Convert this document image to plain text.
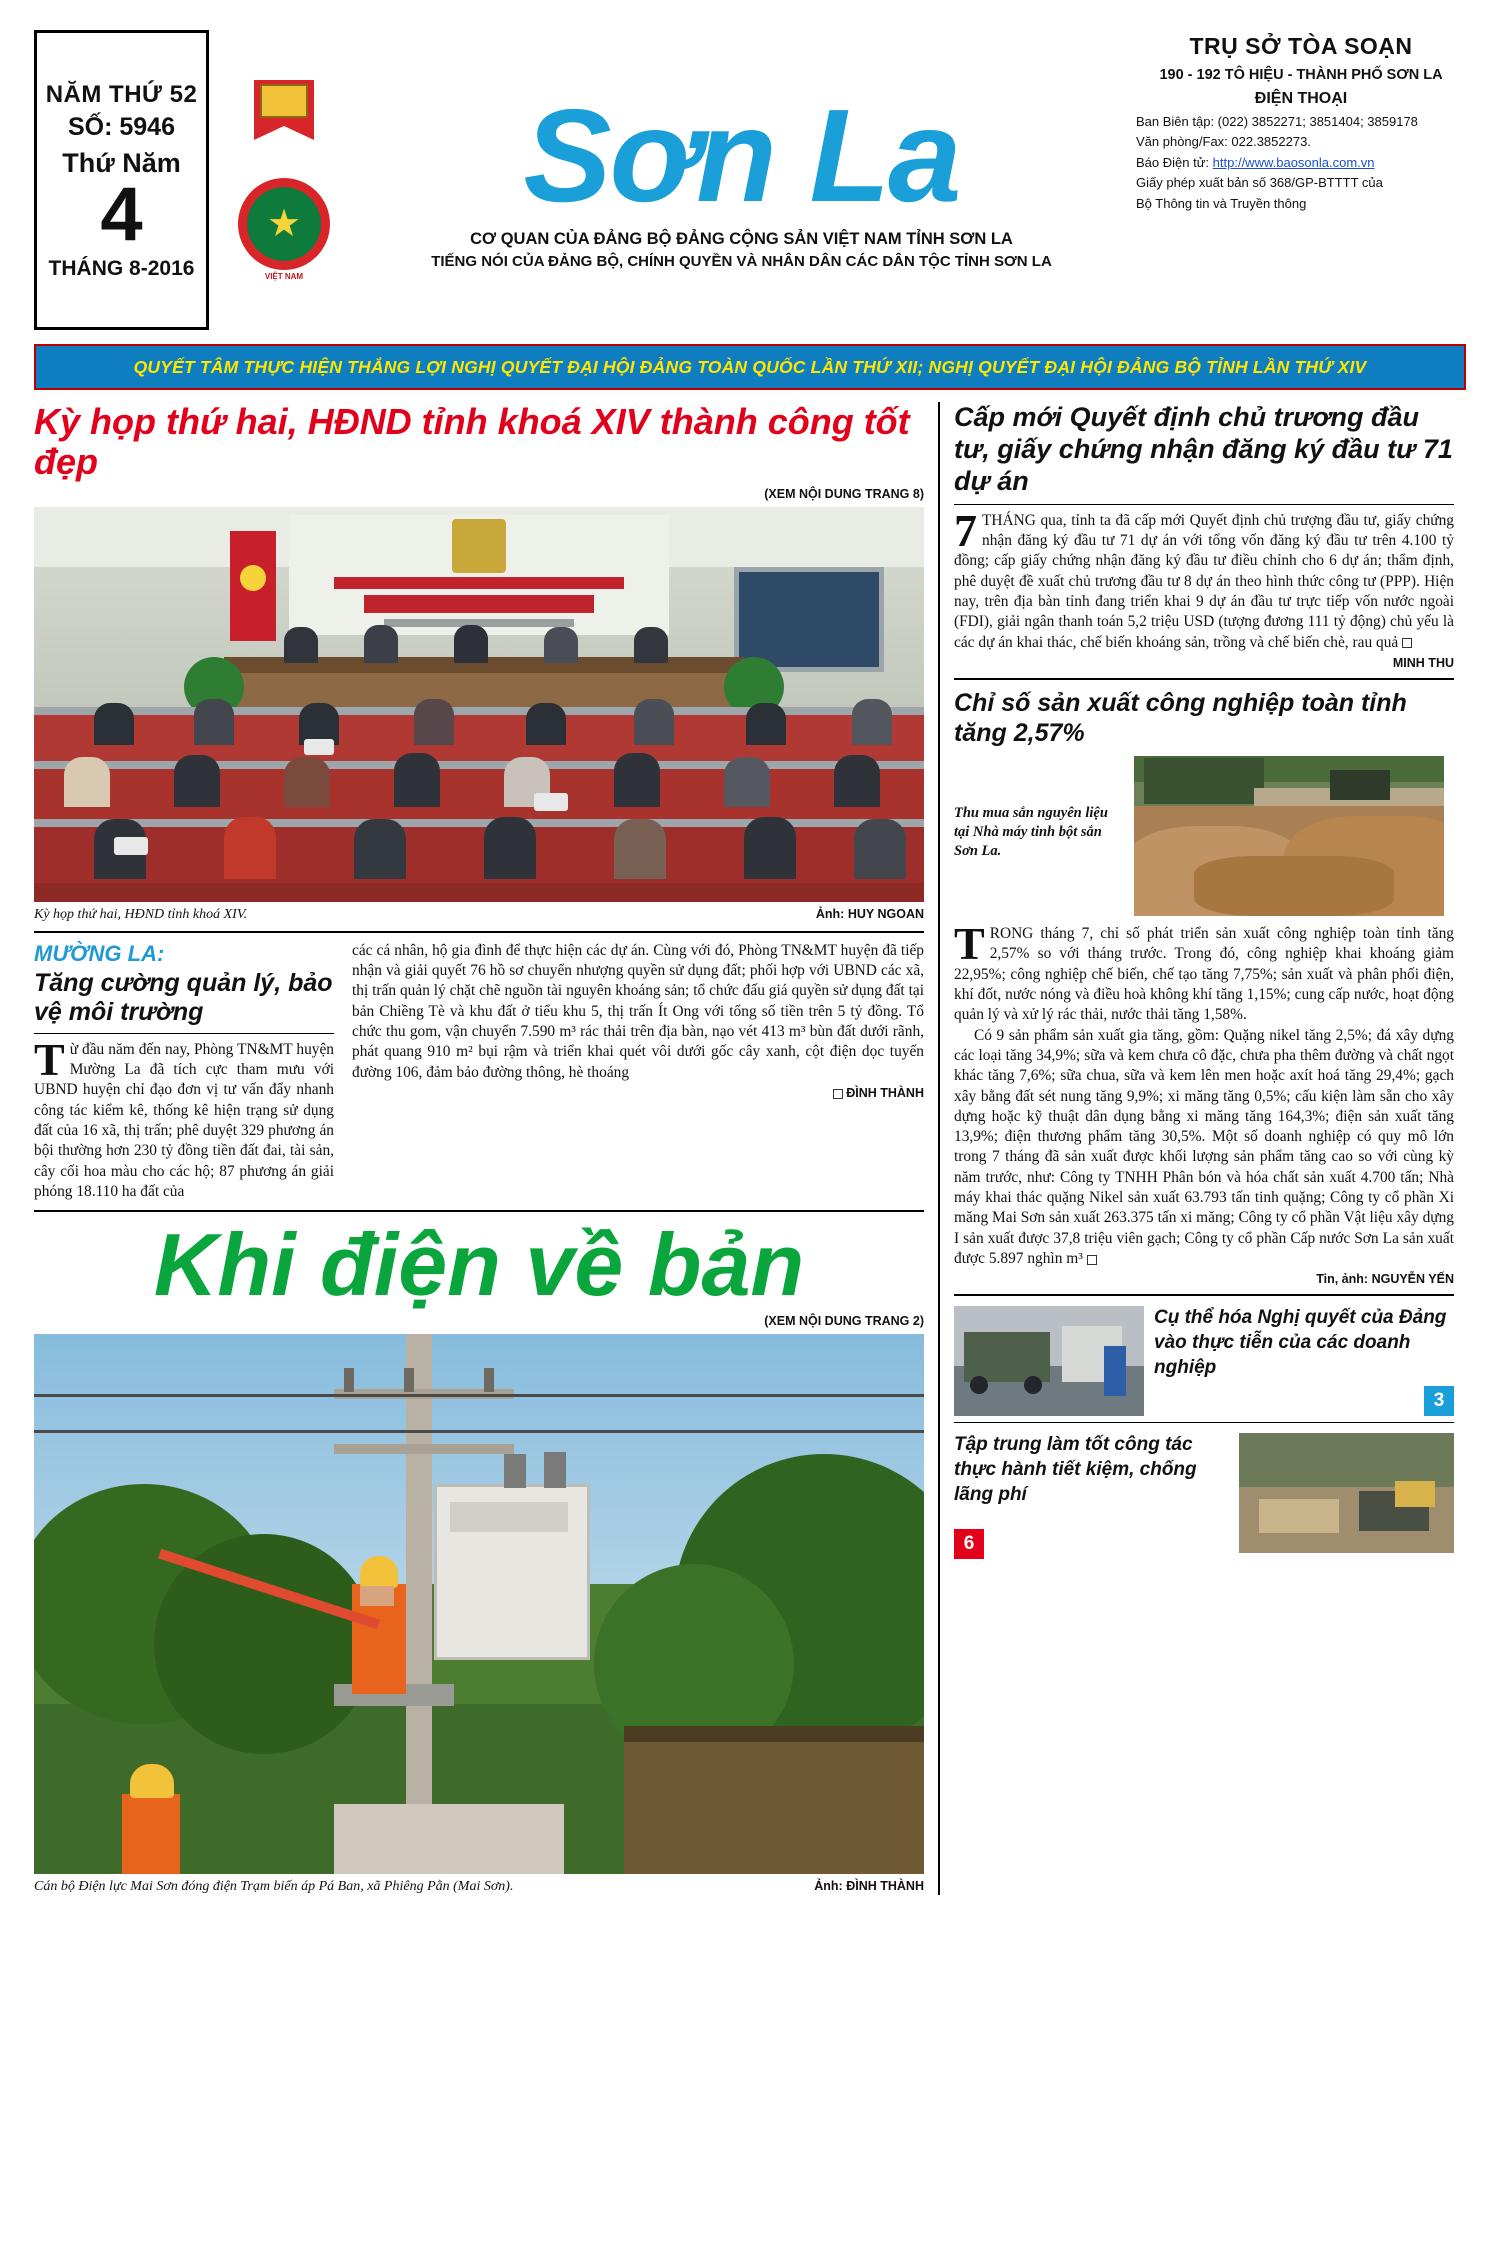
NĂM THỨ 52
SỐ: 5946
Thứ Năm
4
THÁNG 8-2016
★
VIỆT NAM
Sơn La
CƠ QUAN CỦA ĐẢNG BỘ ĐẢNG CỘNG SẢN VIỆT NAM TỈNH SƠN LA
TIẾNG NÓI CỦA ĐẢNG BỘ, CHÍNH QUYỀN VÀ NHÂN DÂN CÁC DÂN TỘC TỈNH SƠN LA
TRỤ SỞ TÒA SOẠN
190 - 192 TÔ HIỆU - THÀNH PHỐ SƠN LA
ĐIỆN THOẠI
Ban Biên tập: (022) 3852271; 3851404; 3859178
Văn phòng/Fax: 022.3852273.
Báo Điện tử: http://www.baosonla.com.vn
Giấy phép xuất bản số 368/GP-BTTTT của
Bộ Thông tin và Truyền thông
QUYẾT TÂM THỰC HIỆN THẮNG LỢI NGHỊ QUYẾT ĐẠI HỘI ĐẢNG TOÀN QUỐC LẦN THỨ XII; NGHỊ QUYẾT ĐẠI HỘI ĐẢNG BỘ TỈNH LẦN THỨ XIV
Kỳ họp thứ hai, HĐND tỉnh khoá XIV thành công tốt đẹp
(XEM NỘI DUNG TRANG 8)
Kỳ họp thứ hai, HĐND tỉnh khoá XIV.	Ảnh: HUY NGOAN
MƯỜNG LA:
Tăng cường quản lý, bảo vệ môi trường

Từ đầu năm đến nay, Phòng TN&MT huyện Mường La đã tích cực tham mưu với UBND huyện chỉ đạo đơn vị tư vấn đẩy nhanh công tác kiểm kê, thống kê hiện trạng sử dụng đất của 16 xã, thị trấn; phê duyệt 329 phương án bội thường hơn 230 tỷ đồng tiền đất đai, tài sản, cây cối hoa màu cho các hộ; 87 phương án giải phóng 18.110 ha đất của

các cá nhân, hộ gia đình để thực hiện các dự án. Cùng với đó, Phòng TN&MT huyện đã tiếp nhận và giải quyết 76 hồ sơ chuyển nhượng quyền sử dụng đất; phối hợp với UBND các xã, thị trấn quản lý chặt chẽ nguồn tài nguyên khoáng sản; tổ chức đấu giá quyền sử dụng đất tại bản Chiềng Tè và khu đất ở tiểu khu 5, thị trấn Ít Ong với tổng số tiền trên 5 tỷ đồng. Tổ chức thu gom, vận chuyển 7.590 m³ rác thải trên địa bàn, nạo vét 413 m³ bùn đất dưới rãnh, phát quang 910 m² bụi rậm và triển khai quét vôi dưới gốc cây xanh, cột điện dọc tuyến đường 106, đảm bảo đường thông, hè thoáng

ĐÌNH THÀNH
Khi điện về bản
(XEM NỘI DUNG TRANG 2)
Cán bộ Điện lực Mai Sơn đóng điện Trạm biến áp Pá Ban, xã Phiêng Pằn (Mai Sơn).	Ảnh: ĐÌNH THÀNH
Cấp mới Quyết định chủ trương đầu tư, giấy chứng nhận đăng ký đầu tư 71 dự án

7 THÁNG qua, tỉnh ta đã cấp mới Quyết định chủ trượng đầu tư, giấy chứng nhận đăng ký đầu tư 71 dự án với tổng vốn đăng ký đầu tư trên 4.100 tỷ đồng; cấp giấy chứng nhận đăng ký đầu tư điều chỉnh cho 6 dự án; thẩm định, phê duyệt đề xuất chủ trương đầu tư 8 dự án theo hình thức công tư (PPP). Hiện nay, trên địa bàn tỉnh đang triển khai 9 dự án đầu tư trực tiếp vốn nước ngoài (FDI), giải ngân thanh toán 5,2 triệu USD (tượng đương 111 tỷ động) chủ yếu là các dự án khai thác, chế biến khoáng sản, trồng và chế biến chè, rau quả

MINH THU
Chỉ số sản xuất công nghiệp toàn tỉnh tăng 2,57%
Thu mua sắn nguyên liệu tại Nhà máy tinh bột sắn Sơn La.

TRONG tháng 7, chỉ số phát triển sản xuất công nghiệp toàn tỉnh tăng 2,57% so với tháng trước. Trong đó, công nghiệp khai khoáng giảm 22,95%; công nghiệp chế biến, chế tạo tăng 7,75%; sản xuất và phân phối điện, khí đốt, nước nóng và điều hoà không khí tăng 1,15%; cung cấp nước, hoạt động quản lý và xử lý rác thải, nước thải tăng 1,58%.

Có 9 sản phẩm sản xuất gia tăng, gồm: Quặng nikel tăng 2,5%; đá xây dựng các loại tăng 34,9%; sữa và kem chưa cô đặc, chưa pha thêm đường và chất ngọt khác tăng 7,6%; sữa chua, sữa và kem lên men hoặc axít hoá tăng 29,4%; gạch xây bằng đất sét nung tăng 9,9%; xi măng tăng 0,5%; cấu kiện làm sẵn cho xây dựng hoặc kỹ thuật dân dụng bằng xi măng tăng 164,3%; điện sản xuất tăng 13,9%; điện thương phẩm tăng 30,5%. Một số doanh nghiệp có quy mô lớn trong 7 tháng đã sản xuất được khối lượng sản phẩm tăng cao so với cùng kỳ năm trước, như: Công ty TNHH Phân bón và hóa chất sản xuất 4.700 tấn; Nhà máy khai thác quặng Nikel sản xuất 63.793 tấn tinh quặng; Công ty cổ phần Xi măng Mai Sơn sản xuất 263.375 tấn xi măng; Công ty cổ phần Vật liệu xây dựng I sản xuất được 37,8 triệu viên gạch; Công ty cổ phần Cấp nước Sơn La sản xuất được 5.897 nghìn m³

Tin, ảnh: NGUYỄN YẾN
Cụ thể hóa Nghị quyết của Đảng vào thực tiễn của các doanh nghiệp
3
Tập trung làm tốt công tác thực hành tiết kiệm, chống lãng phí
6
